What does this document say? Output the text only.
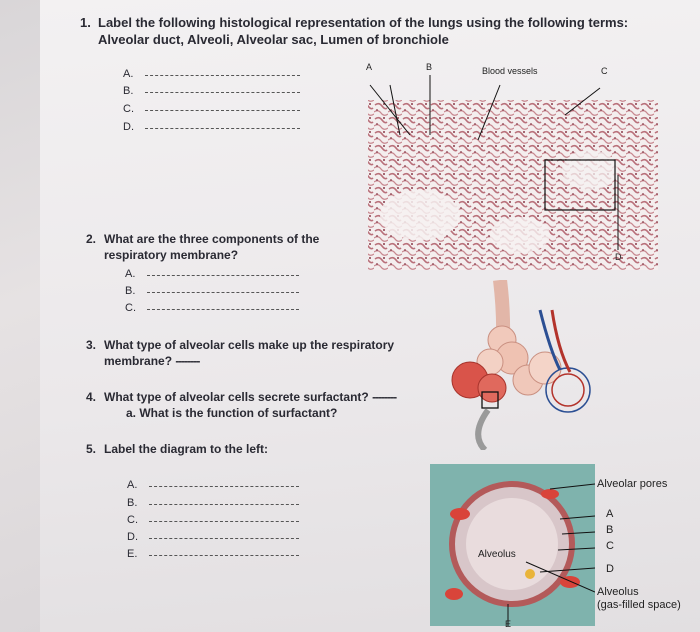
1. Label the following histological representation of the lungs using the following terms:
Alveolar duct, Alveoli, Alveolar sac, Lumen of bronchiole
A.
B.
C.
D.
A	B	Blood vessels	C
D
2. What are the three components of the
respiratory membrane?
A.
B.
C.
3. What type of alveolar cells make up the respiratory
membrane? --------
4. What type of alveolar cells secrete surfactant? --------
a. What is the function of surfactant?
5. Label the diagram to the left:
A.
B.
C.
D.
E.	Alveolus
Alveolar pores
A
B
C
D
Alveolus
(gas-filled space)
E
